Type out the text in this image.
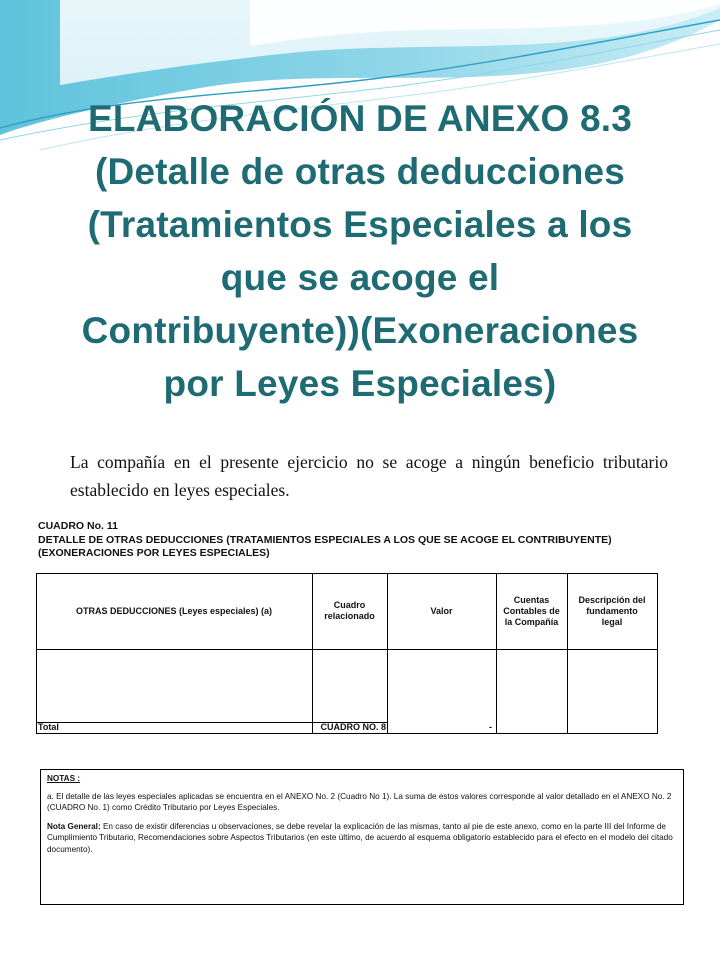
ELABORACIÓN DE ANEXO 8.3
(Detalle de otras deducciones
(Tratamientos Especiales a los
que se acoge el
Contribuyente))(Exoneraciones
por Leyes Especiales)
La compañía en el presente ejercicio no se acoge a ningún beneficio tributario establecido en leyes especiales.
CUADRO No. 11
DETALLE DE OTRAS DEDUCCIONES (TRATAMIENTOS ESPECIALES A LOS QUE SE ACOGE EL CONTRIBUYENTE)
(EXONERACIONES POR LEYES ESPECIALES)
OTRAS DEDUCCIONES (Leyes especiales) (a)
Cuadro relacionado
Valor
Cuentas Contables de la Compañía
Descripción del fundamento legal
Total	CUADRO NO. 8	-

NOTAS :

a. El detalle de las leyes especiales aplicadas se encuentra en el ANEXO No. 2 (Cuadro No 1). La suma de estos valores corresponde al valor detallado en el ANEXO No. 2 (CUADRO No. 1) como Crédito Tributario por Leyes Especiales.

Nota General: En caso de existir diferencias u observaciones, se debe revelar la explicación de las mismas, tanto al pie de este anexo, como en la parte III del Informe de Cumplimiento Tributario, Recomendaciones sobre Aspectos Tributarios (en este último, de acuerdo al esquema obligatorio establecido para el efecto en el modelo del citado documento).
